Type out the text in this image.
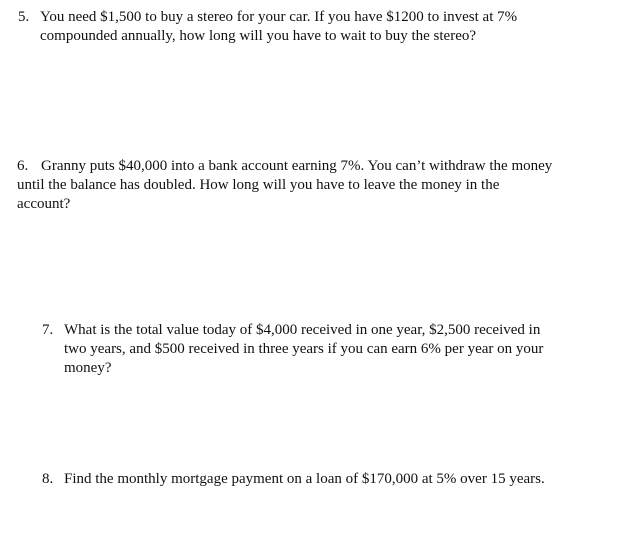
5. You need $1,500 to buy a stereo for your car. If you have $1200 to invest at 7%
compounded annually, how long will you have to wait to buy the stereo?
6. Granny puts $40,000 into a bank account earning 7%. You can’t withdraw the money
until the balance has doubled. How long will you have to leave the money in the
account?
7. What is the total value today of $4,000 received in one year, $2,500 received in
two years, and $500 received in three years if you can earn 6% per year on your
money?
8. Find the monthly mortgage payment on a loan of $170,000 at 5% over 15 years.
